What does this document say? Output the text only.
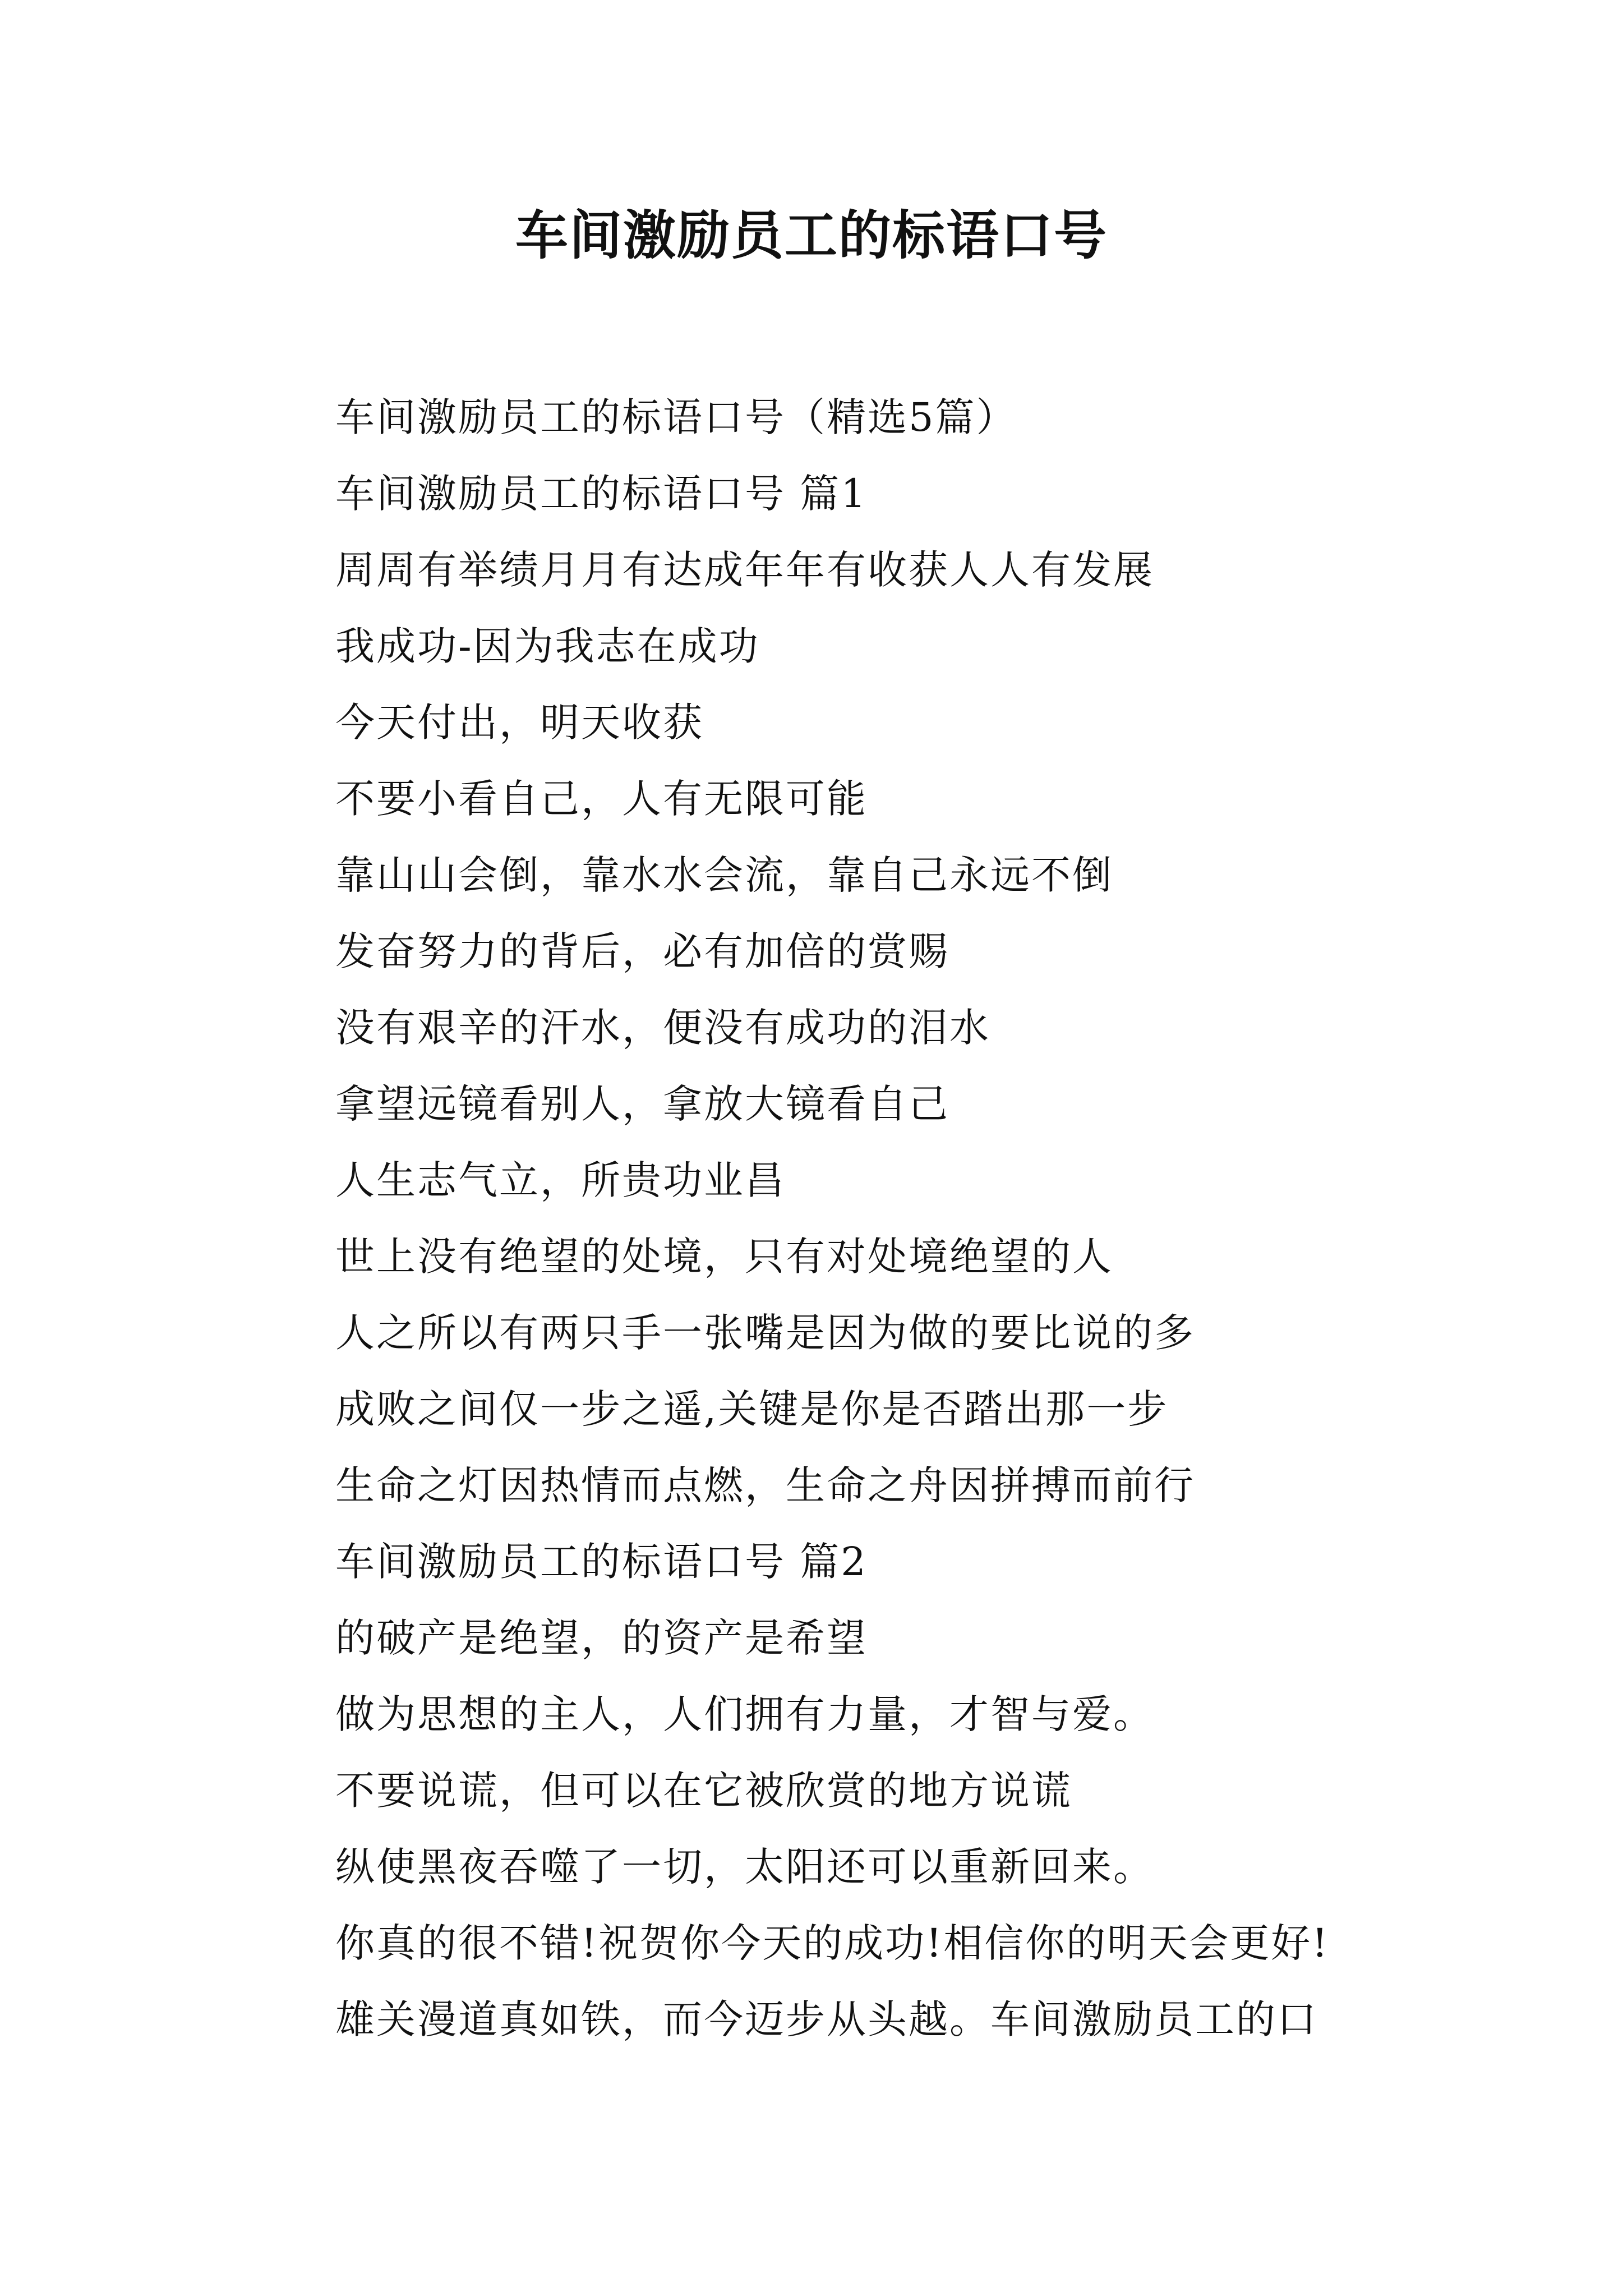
车间激励员工的标语口号
车间激励员工的标语口号（精选5篇）
车间激励员工的标语口号 篇1
周周有举绩月月有达成年年有收获人人有发展
我成功-因为我志在成功
今天付出，明天收获
不要小看自己，人有无限可能
靠山山会倒，靠水水会流，靠自己永远不倒
发奋努力的背后，必有加倍的赏赐
没有艰辛的汗水，便没有成功的泪水
拿望远镜看别人，拿放大镜看自己
人生志气立，所贵功业昌
世上没有绝望的处境，只有对处境绝望的人
人之所以有两只手一张嘴是因为做的要比说的多
成败之间仅一步之遥,关键是你是否踏出那一步
生命之灯因热情而点燃，生命之舟因拼搏而前行
车间激励员工的标语口号 篇2
的破产是绝望，的资产是希望
做为思想的主人，人们拥有力量，才智与爱。
不要说谎，但可以在它被欣赏的地方说谎
纵使黑夜吞噬了一切，太阳还可以重新回来。
你真的很不错!祝贺你今天的成功!相信你的明天会更好!
雄关漫道真如铁，而今迈步从头越。车间激励员工的口
